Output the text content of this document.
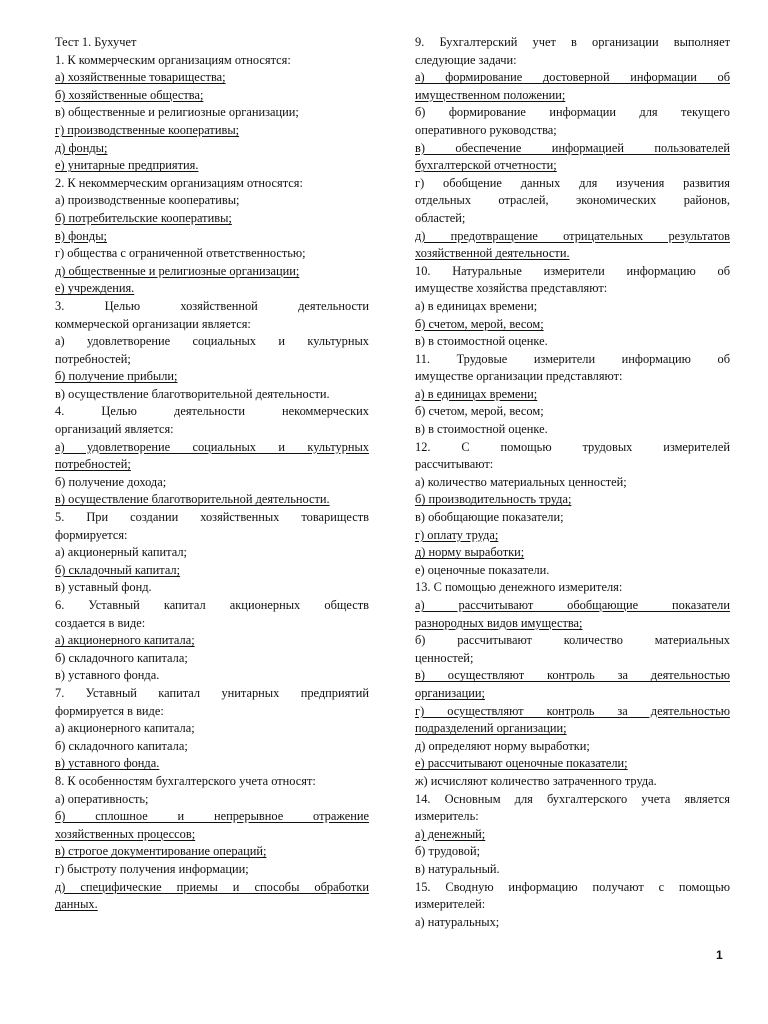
Тест 1. Бухучет
1. К коммерческим организациям относятся:
а) хозяйственные товарищества;
б) хозяйственные общества;
в) общественные и религиозные организации;
г) производственные кооперативы;
д) фонды;
е) унитарные предприятия.
2. К некоммерческим организациям относятся:
а) производственные кооперативы;
б) потребительские кооперативы;
в) фонды;
г) общества с ограниченной ответственностью;
д) общественные и религиозные организации;
е) учреждения.
3. Целью хозяйственной деятельности
коммерческой организации является:
а) удовлетворение социальных и культурных
потребностей;
б) получение прибыли;
в) осуществление благотворительной деятельности.
4. Целью деятельности некоммерческих
организаций является:
а) удовлетворение социальных и культурных
потребностей;
б) получение дохода;
в) осуществление благотворительной деятельности.
5. При создании хозяйственных товариществ
формируется:
а) акционерный капитал;
б) складочный капитал;
в) уставный фонд.
6. Уставный капитал акционерных обществ
создается в виде:
а) акционерного капитала;
б) складочного капитала;
в) уставного фонда.
7. Уставный капитал унитарных предприятий
формируется в виде:
а) акционерного капитала;
б) складочного капитала;
в) уставного фонда.
8. К особенностям бухгалтерского учета относят:
а) оперативность;
б) сплошное и непрерывное отражение
хозяйственных процессов;
в) строгое документирование операций;
г) быстроту получения информации;
д) специфические приемы и способы обработки
данных.
9. Бухгалтерский учет в организации выполняет
следующие задачи:
а) формирование достоверной информации об
имущественном положении;
б) формирование информации для текущего
оперативного руководства;
в) обеспечение информацией пользователей
бухгалтерской отчетности;
г) обобщение данных для изучения развития
отдельных отраслей, экономических районов,
областей;
д) предотвращение отрицательных результатов
хозяйственной деятельности.
10. Натуральные измерители информацию об
имуществе хозяйства представляют:
а) в единицах времени;
б) счетом, мерой, весом;
в) в стоимостной оценке.
11. Трудовые измерители информацию об
имуществе организации представляют:
а) в единицах времени;
б) счетом, мерой, весом;
в) в стоимостной оценке.
12. С помощью трудовых измерителей
рассчитывают:
а) количество материальных ценностей;
б) производительность труда;
в) обобщающие показатели;
г) оплату труда;
д) норму выработки;
е) оценочные показатели.
13. С помощью денежного измерителя:
а) рассчитывают обобщающие показатели
разнородных видов имущества;
б) рассчитывают количество материальных
ценностей;
в) осуществляют контроль за деятельностью
организации;
г) осуществляют контроль за деятельностью
подразделений организации;
д) определяют норму выработки;
е) рассчитывают оценочные показатели;
ж) исчисляют количество затраченного труда.
14. Основным для бухгалтерского учета является
измеритель:
а) денежный;
б) трудовой;
в) натуральный.
15. Сводную информацию получают с помощью
измерителей:
а) натуральных;
1
